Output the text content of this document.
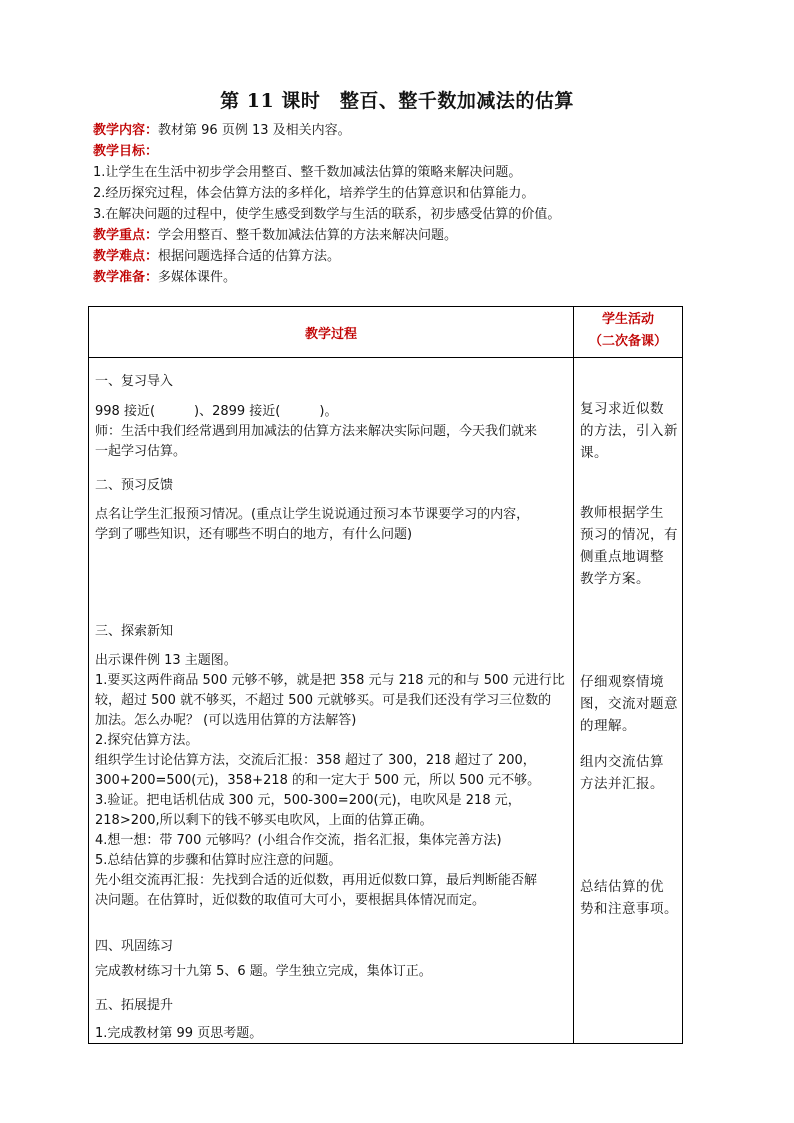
第 11 课时　整百、整千数加减法的估算
教学内容：教材第 96 页例 13 及相关内容。
教学目标：
1.让学生在生活中初步学会用整百、整千数加减法估算的策略来解决问题。
2.经历探究过程，体会估算方法的多样化，培养学生的估算意识和估算能力。
3.在解决问题的过程中，使学生感受到数学与生活的联系，初步感受估算的价值。
教学重点：学会用整百、整千数加减法估算的方法来解决问题。
教学难点：根据问题选择合适的估算方法。
教学准备：多媒体课件。
教学过程
学生活动
（二次备课）
一、复习导入
998 接近(　　　)、2899 接近(　　　)。
师：生活中我们经常遇到用加减法的估算方法来解决实际问题，今天我们就来
一起学习估算。
复习求近似数
的方法，引入新
课。
二、预习反馈
点名让学生汇报预习情况。(重点让学生说说通过预习本节课要学习的内容，
学到了哪些知识，还有哪些不明白的地方，有什么问题)
教师根据学生
预习的情况，有
侧重点地调整
教学方案。
三、探索新知
出示课件例 13 主题图。
1.要买这两件商品 500 元够不够，就是把 358 元与 218 元的和与 500 元进行比
较，超过 500 就不够买，不超过 500 元就够买。可是我们还没有学习三位数的
加法。怎么办呢？ (可以选用估算的方法解答)
2.探究估算方法。
组织学生讨论估算方法，交流后汇报：358 超过了 300，218 超过了 200，
300+200=500(元)，358+218 的和一定大于 500 元，所以 500 元不够。
3.验证。把电话机估成 300 元，500-300=200(元)，电吹风是 218 元，
218>200,所以剩下的钱不够买电吹风，上面的估算正确。
4.想一想：带 700 元够吗？(小组合作交流，指名汇报，集体完善方法)
5.总结估算的步骤和估算时应注意的问题。
先小组交流再汇报：先找到合适的近似数，再用近似数口算，最后判断能否解
决问题。在估算时，近似数的取值可大可小，要根据具体情况而定。
仔细观察情境
图，交流对题意
的理解。
组内交流估算
方法并汇报。
总结估算的优
势和注意事项。
四、巩固练习
完成教材练习十九第 5、6 题。学生独立完成，集体订正。
五、拓展提升
1.完成教材第 99 页思考题。
